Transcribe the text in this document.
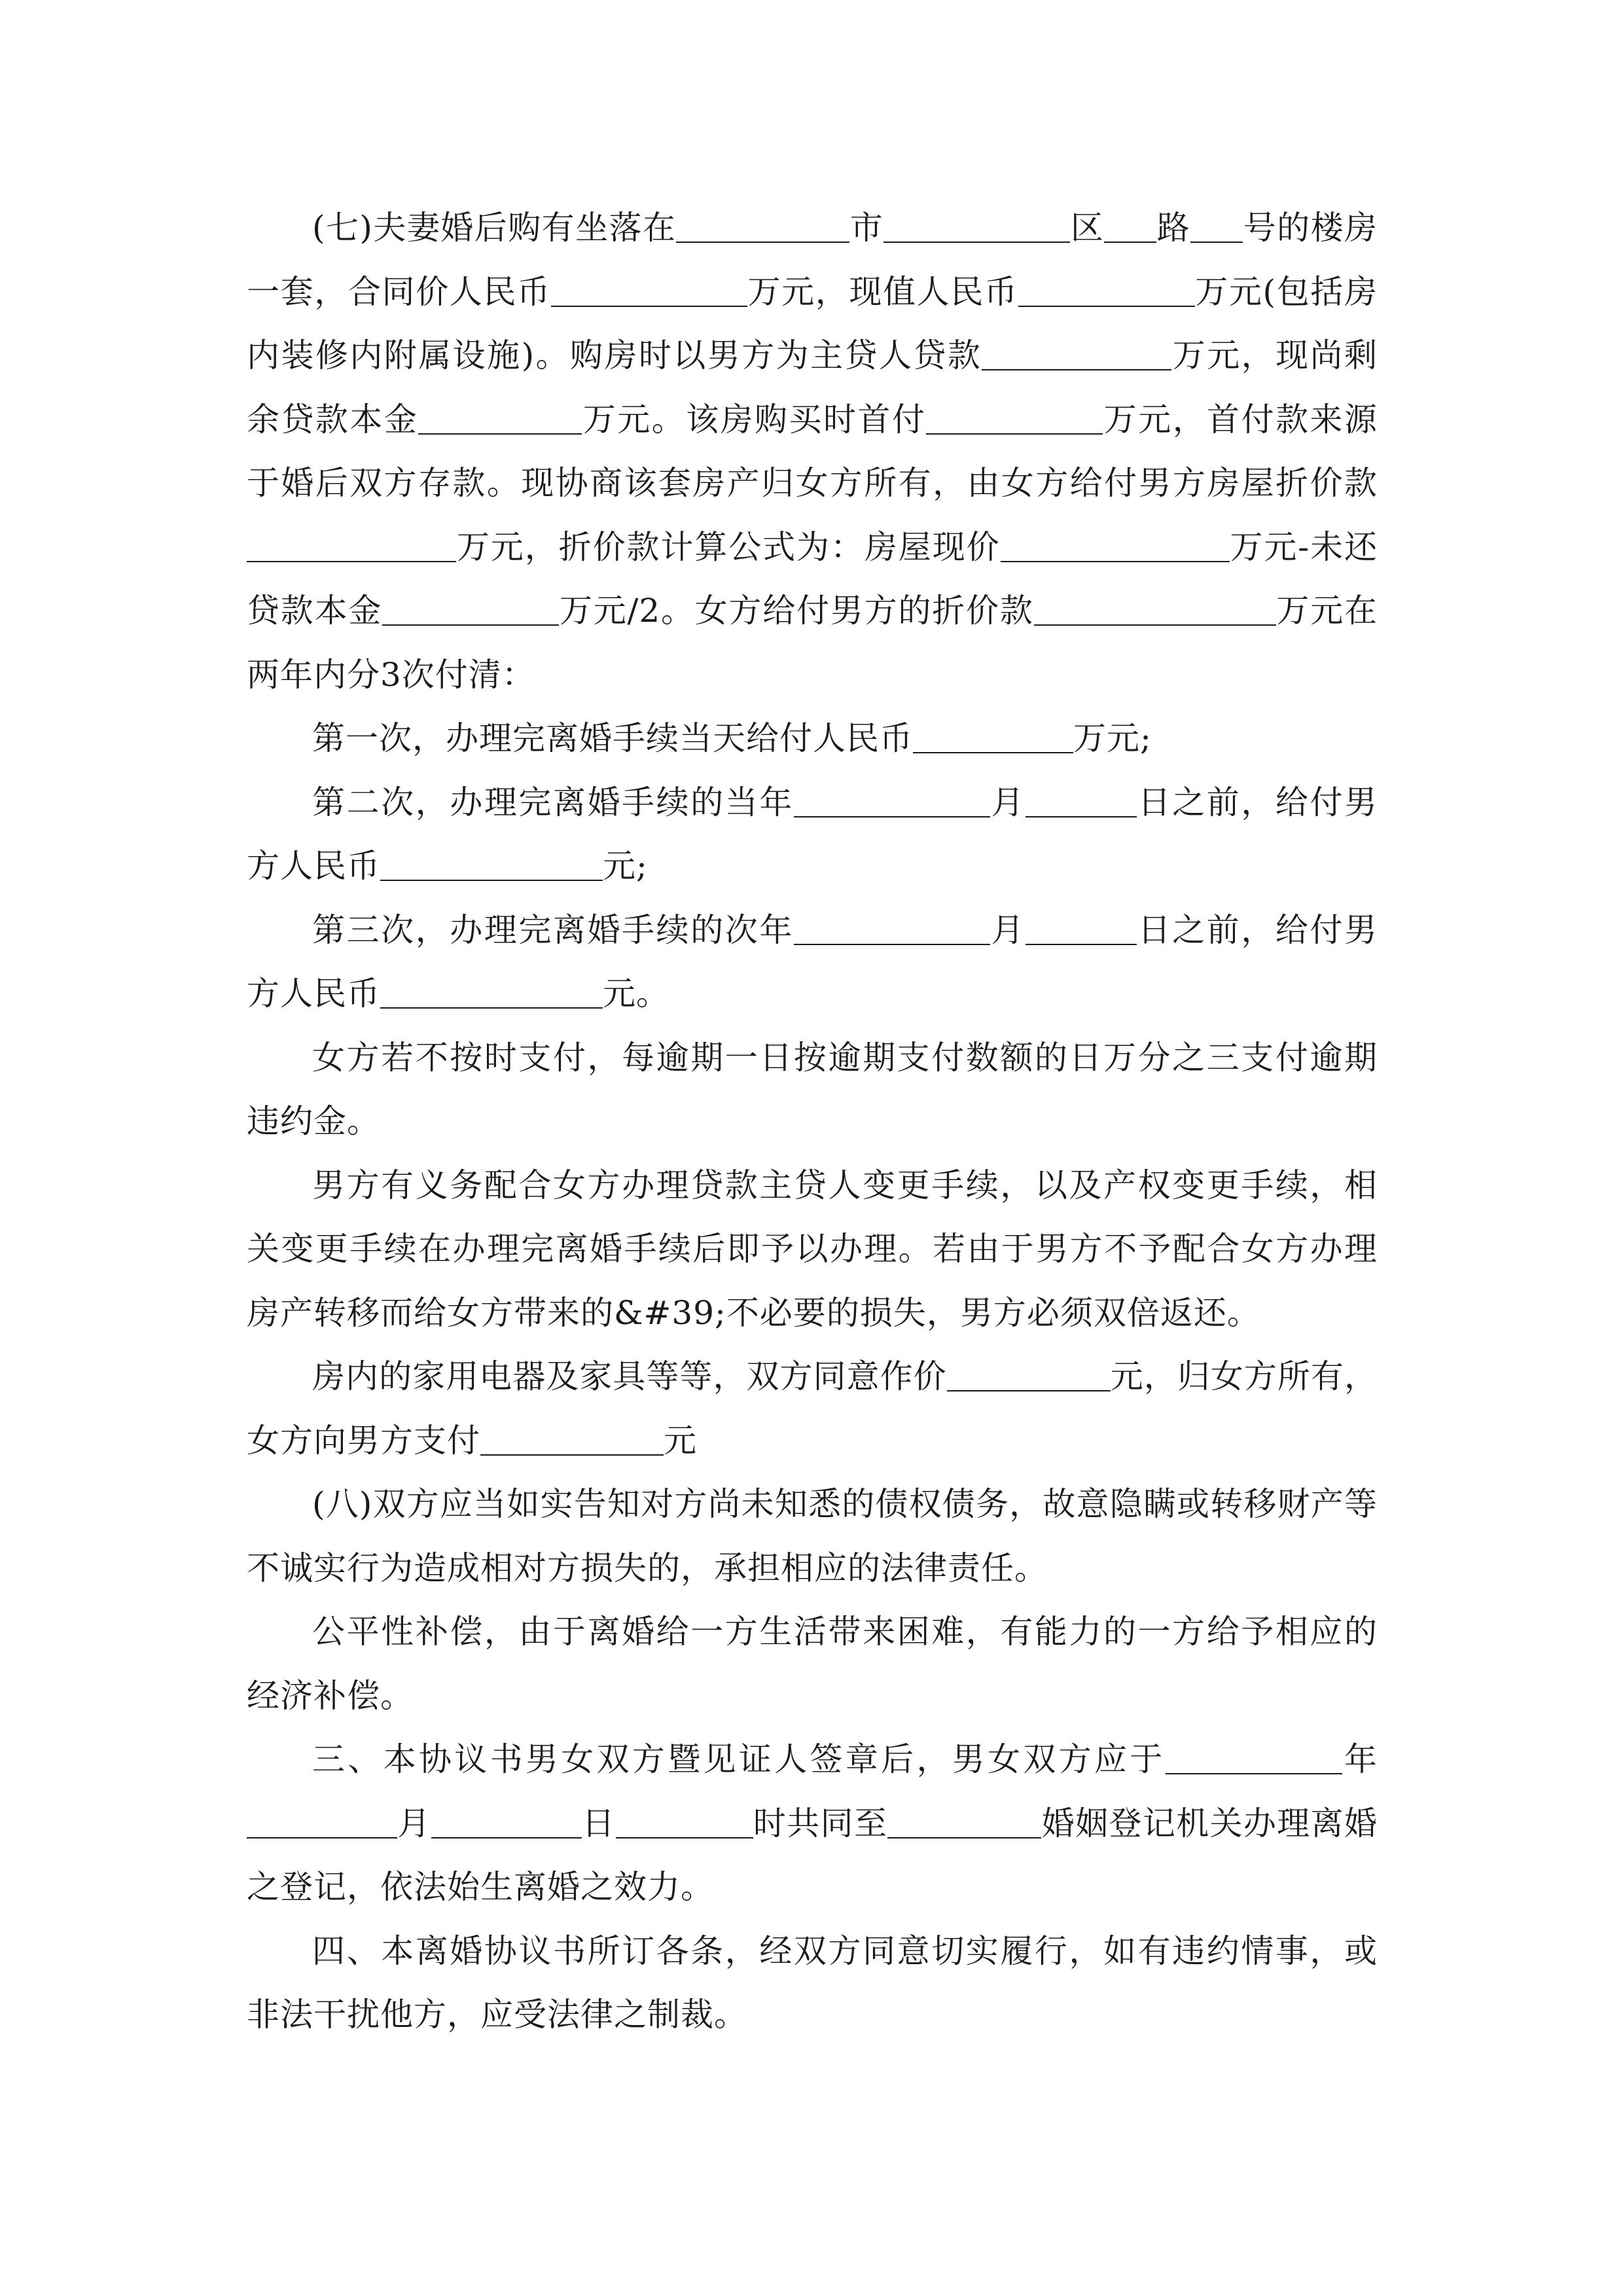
(七)夫妻婚后购有坐落在	市	区 路 号的楼房一套，合同价人民币	万元，现值人民币	万元(包括房内装修内附属设施)。购房时以男方为主贷人贷款	万元，现尚剩余贷款本金	万元。该房购买时首付	万元，首付款来源于婚后双方存款。现协商该套房产归女方所有，由女方给付男方房屋折价款万元，折价款计算公式为：房屋现价	万元-未还贷款本金	万元/2。女方给付男方的折价款	万元在两年内分3次付清：

第一次，办理完离婚手续当天给付人民币	万元;

第二次，办理完离婚手续的当年	月	日之前，给付男方人民币	元;

第三次，办理完离婚手续的次年	月	日之前，给付男方人民币	元。

女方若不按时支付，每逾期一日按逾期支付数额的日万分之三支付逾期违约金。

男方有义务配合女方办理贷款主贷人变更手续，以及产权变更手续，相关变更手续在办理完离婚手续后即予以办理。若由于男方不予配合女方办理房产转移而给女方带来的&#39;不必要的损失，男方必须双倍返还。

房内的家用电器及家具等等，双方同意作价	元，归女方所有，女方向男方支付	元

(八)双方应当如实告知对方尚未知悉的债权债务，故意隐瞒或转移财产等不诚实行为造成相对方损失的，承担相应的法律责任。

公平性补偿，由于离婚给一方生活带来困难，有能力的一方给予相应的经济补偿。

三、本协议书男女双方暨见证人签章后，男女双方应于	年月	日	时共同至	婚姻登记机关办理离婚之登记，依法始生离婚之效力。

四、本离婚协议书所订各条，经双方同意切实履行，如有违约情事，或非法干扰他方，应受法律之制裁。
